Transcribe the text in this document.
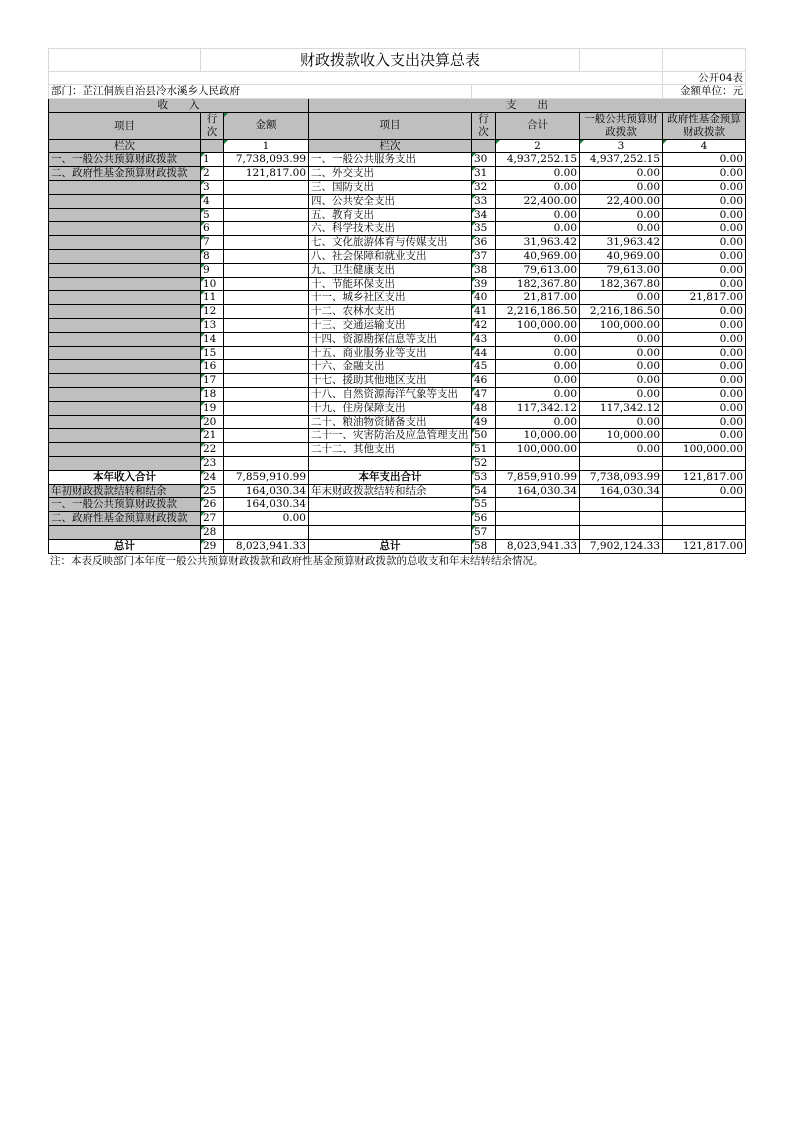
	财政拨款收入支出决算总表						

							公开04表
部门：芷江侗族自治县冷水溪乡人民政府							金额单位：元
收　　入			支　　出				
项目	行次	金额	项目	行次	合计	一般公共预算财政拨款	政府性基金预算财政拨款
栏次		1	栏次		2	3	4
一、一般公共预算财政拨款	1	7,738,093.99	一、一般公共服务支出	30	4,937,252.15	4,937,252.15	0.00
二、政府性基金预算财政拨款	2	121,817.00	二、外交支出	31	0.00	0.00	0.00
	3		三、国防支出	32	0.00	0.00	0.00
	4		四、公共安全支出	33	22,400.00	22,400.00	0.00
	5		五、教育支出	34	0.00	0.00	0.00
	6		六、科学技术支出	35	0.00	0.00	0.00
	7		七、文化旅游体育与传媒支出	36	31,963.42	31,963.42	0.00
	8		八、社会保障和就业支出	37	40,969.00	40,969.00	0.00
	9		九、卫生健康支出	38	79,613.00	79,613.00	0.00
	10		十、节能环保支出	39	182,367.80	182,367.80	0.00
	11		十一、城乡社区支出	40	21,817.00	0.00	21,817.00
	12		十二、农林水支出	41	2,216,186.50	2,216,186.50	0.00
	13		十三、交通运输支出	42	100,000.00	100,000.00	0.00
	14		十四、资源勘探信息等支出	43	0.00	0.00	0.00
	15		十五、商业服务业等支出	44	0.00	0.00	0.00
	16		十六、金融支出	45	0.00	0.00	0.00
	17		十七、援助其他地区支出	46	0.00	0.00	0.00
	18		十八、自然资源海洋气象等支出	47	0.00	0.00	0.00
	19		十九、住房保障支出	48	117,342.12	117,342.12	0.00
	20		二十、粮油物资储备支出	49	0.00	0.00	0.00
	21		二十一、灾害防治及应急管理支出	50	10,000.00	10,000.00	0.00
	22		二十二、其他支出	51	100,000.00	0.00	100,000.00
	23			52			
本年收入合计	24	7,859,910.99	本年支出合计	53	7,859,910.99	7,738,093.99	121,817.00
年初财政拨款结转和结余	25	164,030.34	年末财政拨款结转和结余	54	164,030.34	164,030.34	0.00
一、一般公共预算财政拨款	26	164,030.34		55			
二、政府性基金预算财政拨款	27	0.00		56			
	28			57			
总计	29	8,023,941.33	总计	58	8,023,941.33	7,902,124.33	121,817.00
注：本表反映部门本年度一般公共预算财政拨款和政府性基金预算财政拨款的总收支和年末结转结余情况。
